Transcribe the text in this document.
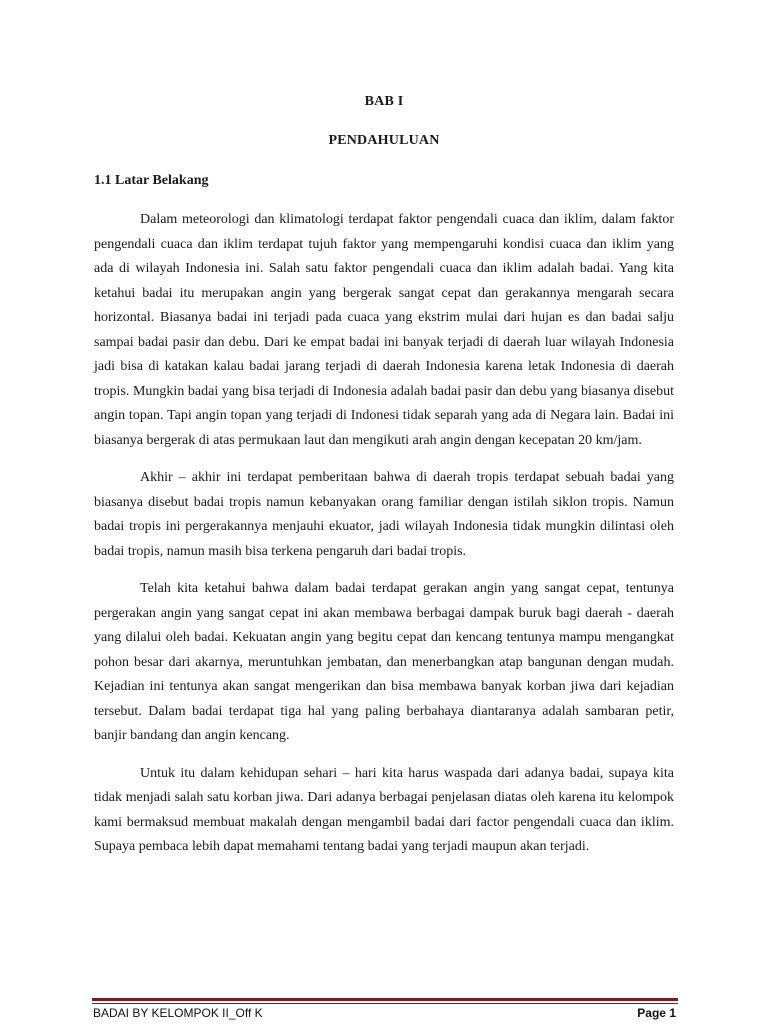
BAB I
PENDAHULUAN
1.1 Latar Belakang

Dalam meteorologi dan klimatologi terdapat faktor pengendali cuaca dan iklim, dalam faktor pengendali cuaca dan iklim terdapat tujuh faktor yang mempengaruhi kondisi cuaca dan iklim yang ada di wilayah Indonesia ini. Salah satu faktor pengendali cuaca dan iklim adalah badai. Yang kita ketahui badai itu merupakan angin yang bergerak sangat cepat dan gerakannya mengarah secara horizontal. Biasanya badai ini terjadi pada cuaca yang ekstrim mulai dari hujan es dan badai salju sampai badai pasir dan debu. Dari ke empat badai ini banyak terjadi di daerah luar wilayah Indonesia jadi bisa di katakan kalau badai jarang terjadi di daerah Indonesia karena letak Indonesia di daerah tropis. Mungkin badai yang bisa terjadi di Indonesia adalah badai pasir dan debu yang biasanya disebut angin topan. Tapi angin topan yang terjadi di Indonesi tidak separah yang ada di Negara lain. Badai ini biasanya bergerak di atas permukaan laut dan mengikuti arah angin dengan kecepatan 20 km/jam.

Akhir – akhir ini terdapat pemberitaan bahwa di daerah tropis terdapat sebuah badai yang biasanya disebut badai tropis namun kebanyakan orang familiar dengan istilah siklon tropis. Namun badai tropis ini pergerakannya menjauhi ekuator, jadi wilayah Indonesia tidak mungkin dilintasi oleh badai tropis, namun masih bisa terkena pengaruh dari badai tropis.

Telah kita ketahui bahwa dalam badai terdapat gerakan angin yang sangat cepat, tentunya pergerakan angin yang sangat cepat ini akan membawa berbagai dampak buruk bagi daerah - daerah yang dilalui oleh badai. Kekuatan angin yang begitu cepat dan kencang tentunya mampu mengangkat pohon besar dari akarnya, meruntuhkan jembatan, dan menerbangkan atap bangunan dengan mudah. Kejadian ini tentunya akan sangat mengerikan dan bisa membawa banyak korban jiwa dari kejadian tersebut. Dalam badai terdapat tiga hal yang paling berbahaya diantaranya adalah sambaran petir, banjir bandang dan angin kencang.

Untuk itu dalam kehidupan sehari – hari kita harus waspada dari adanya badai, supaya kita tidak menjadi salah satu korban jiwa. Dari adanya berbagai penjelasan diatas oleh karena itu kelompok kami bermaksud membuat makalah dengan mengambil badai dari factor pengendali cuaca dan iklim. Supaya pembaca lebih dapat memahami tentang badai yang terjadi maupun akan terjadi.

BADAI BY KELOMPOK II_Off K	Page 1
